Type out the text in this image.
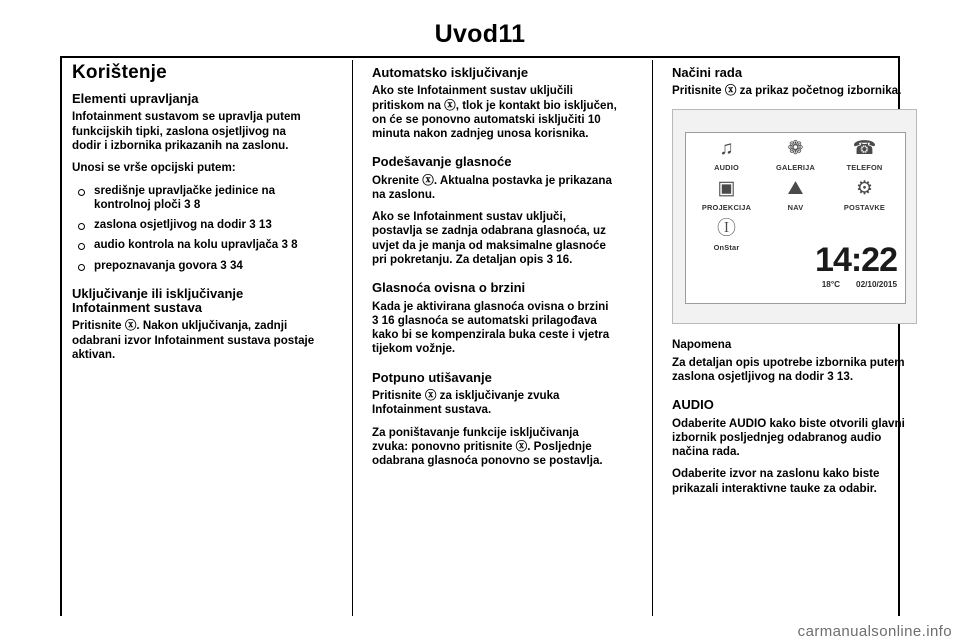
Uvod11
Korištenje
Elementi upravljanja

Infotainment sustavom se upravlja putem funkcijskih tipki, zaslona osjetljivog na dodir i izbornika prikazanih na zaslonu.

Unosi se vrše opcijski putem:

središnje upravljačke jedinice na kontrolnoj ploči 3 8
zaslona osjetljivog na dodir 3 13
audio kontrola na kolu upravljača 3 8
prepoznavanja govora 3 34
Uključivanje ili isključivanje Infotainment sustava

Pritisnite ⓧ. Nakon uključivanja, zadnji odabrani izvor Infotainment sustava postaje aktivan.

Automatsko isključivanje

Ako ste Infotainment sustav uključili pritiskom na ⓧ, tlok je kontakt bio isključen, on će se ponovno automatski isključiti 10 minuta nakon zadnjeg unosa korisnika.

Podešavanje glasnoće

Okrenite ⓧ. Aktualna postavka je prikazana na zaslonu.

Ako se Infotainment sustav uključi, postavlja se zadnja odabrana glasnoća, uz uvjet da je manja od maksimalne glasnoće pri pokretanju. Za detaljan opis 3 16.

Glasnoća ovisna o brzini

Kada je aktivirana glasnoća ovisna o brzini 3 16 glasnoća se automatski prilagođava kako bi se kompenzirala buka ceste i vjetra tijekom vožnje.

Potpuno utišavanje

Pritisnite ⓧ za isključivanje zvuka Infotainment sustava.

Za poništavanje funkcije isključivanja zvuka: ponovno pritisnite ⓧ. Posljednje odabrana glasnoća ponovno se postavlja.

Načini rada

Pritisnite ⓧ za prikaz početnog izbornika.

♫
AUDIO
❁
GALERIJA
☎
TELEFON
▣
PROJEKCIJA
⛰
NAV
⚙
POSTAVKE
Ⓘ
OnStar	14:22
18°C 02/10/2015
Napomena

Za detaljan opis upotrebe izbornika putem zaslona osjetljivog na dodir 3 13.

AUDIO

Odaberite AUDIO kako biste otvorili glavni izbornik posljednjeg odabranog audio načina rada.

Odaberite izvor na zaslonu kako biste prikazali interaktivne tauke za odabir.

carmanualsonline.info
